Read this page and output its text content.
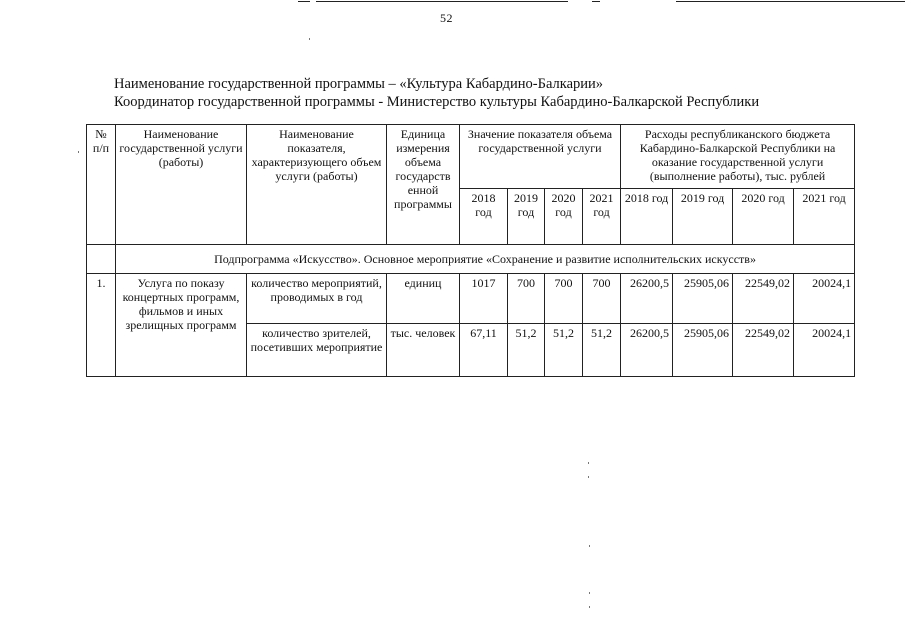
52
Наименование государственной программы – «Культура Кабардино-Балкарии»
Координатор государственной программы - Министерство культуры Кабардино-Балкарской Республики
№ п/п	Наименование государственной услуги (работы)	Наименование показателя, характеризующего объем услуги (работы)	Единица измерения объема государств енной программы	Значение показателя объема государственной услуги				Расходы республиканского бюджета Кабардино-Балкарской Республики на оказание государственной услуги (выполнение работы), тыс. рублей			
				2018 год	2019 год	2020 год	2021 год	2018 год	2019 год	2020 год	2021 год
	Подпрограмма «Искусство». Основное мероприятие «Сохранение и развитие исполнительских искусств»										
1.	Услуга по показу концертных программ, фильмов и иных зрелищных программ	количество мероприятий, проводимых в год	единиц	1017	700	700	700	26200,5	25905,06	22549,02	20024,1
		количество зрителей, посетивших мероприятие	тыс. человек	67,11	51,2	51,2	51,2	26200,5	25905,06	22549,02	20024,1
